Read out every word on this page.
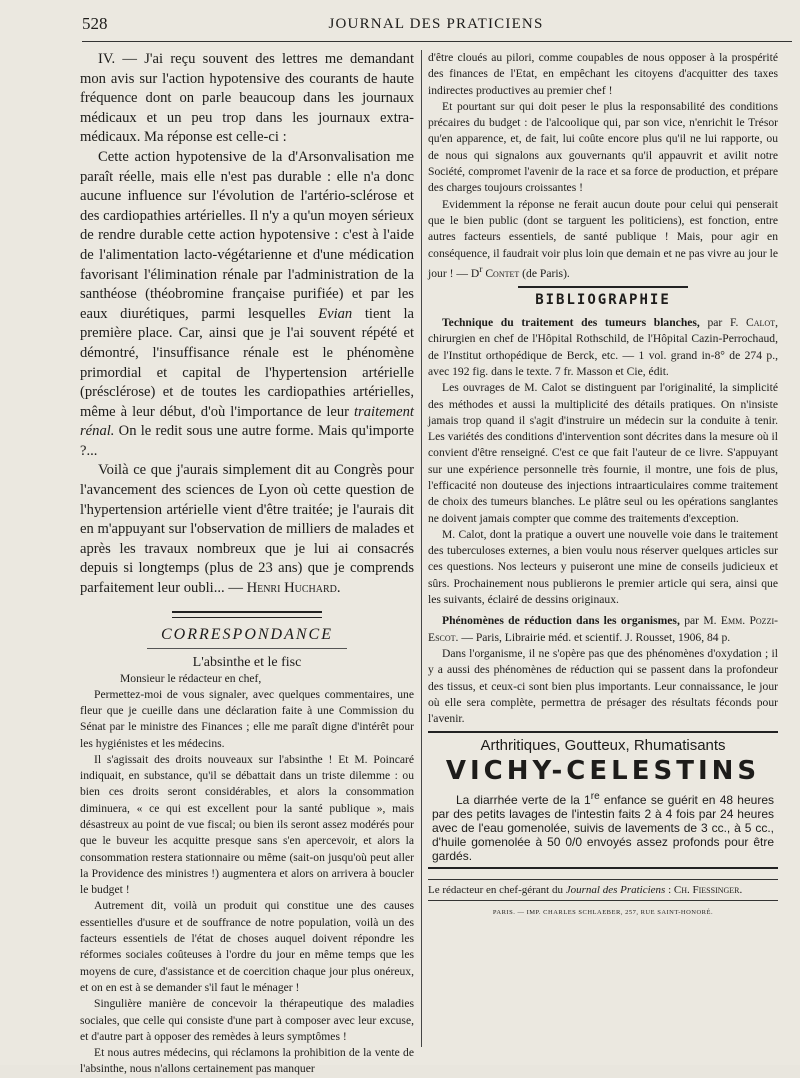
528	JOURNAL DES PRATICIENS

IV. — J'ai reçu souvent des lettres me demandant mon avis sur l'action hypotensive des courants de haute fréquence dont on parle beaucoup dans les journaux médicaux et un peu trop dans les journaux extra-médicaux. Ma réponse est celle-ci :

Cette action hypotensive de la d'Arsonvalisation me paraît réelle, mais elle n'est pas durable : elle n'a donc aucune influence sur l'évolution de l'artério-sclérose et des cardiopathies artérielles. Il n'y a qu'un moyen sérieux de rendre durable cette action hypotensive : c'est à l'aide de l'alimentation lacto-végétarienne et d'une médication favorisant l'élimination rénale par l'administration de la santhéose (théobromine française purifiée) et par les eaux diurétiques, parmi lesquelles Evian tient la première place. Car, ainsi que je l'ai souvent répété et démontré, l'insuffisance rénale est le phénomène primordial et capital de l'hypertension artérielle (présclérose) et de toutes les cardiopathies artérielles, même à leur début, d'où l'importance de leur traitement rénal. On le redit sous une autre forme. Mais qu'importe ?...

Voilà ce que j'aurais simplement dit au Congrès pour l'avancement des sciences de Lyon où cette question de l'hypertension artérielle vient d'être traitée; je l'aurais dit en m'appuyant sur l'observation de milliers de malades et après les travaux nombreux que je lui ai consacrés depuis si longtemps (plus de 23 ans) que je comprends parfaitement leur oubli... — Henri Huchard.

CORRESPONDANCE
L'absinthe et le fisc
Monsieur le rédacteur en chef,

Permettez-moi de vous signaler, avec quelques commentaires, une fleur que je cueille dans une déclaration faite à une Commission du Sénat par le ministre des Finances ; elle me paraît digne d'intérêt pour les hygiénistes et les médecins.

Il s'agissait des droits nouveaux sur l'absinthe ! Et M. Poincaré indiquait, en substance, qu'il se débattait dans un triste dilemme : ou bien ces droits seront considérables, et alors la consommation diminuera, « ce qui est excellent pour la santé publique », mais désastreux au point de vue fiscal; ou bien ils seront assez modérés pour que le buveur les acquitte presque sans s'en apercevoir, et alors la consommation restera stationnaire ou même (sait-on jusqu'où peut aller la Providence des ministres !) augmentera et alors on arrivera à boucler le budget !

Autrement dit, voilà un produit qui constitue une des causes essentielles d'usure et de souffrance de notre population, voilà un des facteurs essentiels de l'état de choses auquel doivent répondre les réformes sociales coûteuses à l'ordre du jour en même temps que les moyens de cure, d'assistance et de coercition chaque jour plus onéreux, et on en est à se demander s'il faut le ménager !

Singulière manière de concevoir la thérapeutique des maladies sociales, que celle qui consiste d'une part à composer avec leur excuse, et d'autre part à opposer des remèdes à leurs symptômes !

Et nous autres médecins, qui réclamons la prohibition de la vente de l'absinthe, nous n'allons certainement pas manquer

d'être cloués au pilori, comme coupables de nous opposer à la prospérité des finances de l'Etat, en empêchant les citoyens d'acquitter des taxes indirectes productives au premier chef !

Et pourtant sur qui doit peser le plus la responsabilité des conditions précaires du budget : de l'alcoolique qui, par son vice, n'enrichit le Trésor qu'en apparence, et, de fait, lui coûte encore plus qu'il ne lui rapporte, ou de nous qui signalons aux gouvernants qu'il appauvrit et avilit notre Société, compromet l'avenir de la race et sa force de production, et prépare des charges toujours croissantes !

Evidemment la réponse ne ferait aucun doute pour celui qui penserait que le bien public (dont se targuent les politiciens), est fonction, entre autres facteurs essentiels, de santé publique ! Mais, pour agir en conséquence, il faudrait voir plus loin que demain et ne pas vivre au jour le jour ! — $D^r$ Contet (de Paris).

BIBLIOGRAPHIE

Technique du traitement des tumeurs blanches, par F. Calot, chirurgien en chef de l'Hôpital Rothschild, de l'Hôpital Cazin-Perrochaud, de l'Institut orthopédique de Berck, etc. — 1 vol. grand in-8° de 274 p., avec 192 fig. dans le texte. 7 fr. Masson et Cie, édit.

Les ouvrages de M. Calot se distinguent par l'originalité, la simplicité des méthodes et aussi la multiplicité des détails pratiques. On n'insiste jamais trop quand il s'agit d'instruire un médecin sur la conduite à tenir. Les variétés des conditions d'intervention sont décrites dans la mesure où il convient d'être renseigné. C'est ce que fait l'auteur de ce livre. S'appuyant sur une expérience personnelle très fournie, il montre, une fois de plus, l'efficacité non douteuse des injections intraarticulaires comme traitement de choix des tumeurs blanches. Le plâtre seul ou les opérations sanglantes ne doivent jamais compter que comme des traitements d'exception.

M. Calot, dont la pratique a ouvert une nouvelle voie dans le traitement des tuberculoses externes, a bien voulu nous réserver quelques articles sur ces questions. Nos lecteurs y puiseront une mine de conseils judicieux et sûrs. Prochainement nous publierons le premier article qui sera, ainsi que les suivants, éclairé de dessins originaux.

Phénomènes de réduction dans les organismes, par M. Emm. Pozzi-Escot. — Paris, Librairie méd. et scientif. J. Rousset, 1906, 84 p.

Dans l'organisme, il ne s'opère pas que des phénomènes d'oxydation ; il y a aussi des phénomènes de réduction qui se passent dans la profondeur des tissus, et ceux-ci sont bien plus importants. Leur connaissance, le jour où elle sera complète, permettra de présager des résultats féconds pour l'avenir.

Arthritiques, Goutteux, Rhumatisants
VICHY-CELESTINS
La diarrhée verte de la 1re enfance se guérit en 48 heures par des petits lavages de l'intestin faits 2 à 4 fois par 24 heures avec de l'eau gomenolée, suivis de lavements de 3 cc., à 5 cc., d'huile gomenolée à 50 0/0 envoyés assez profonds pour être gardés.
Le rédacteur en chef-gérant du Journal des Praticiens : Ch. Fiessinger.
PARIS. — IMP. CHARLES SCHLAEBER, 257, RUE SAINT-HONORÉ.
